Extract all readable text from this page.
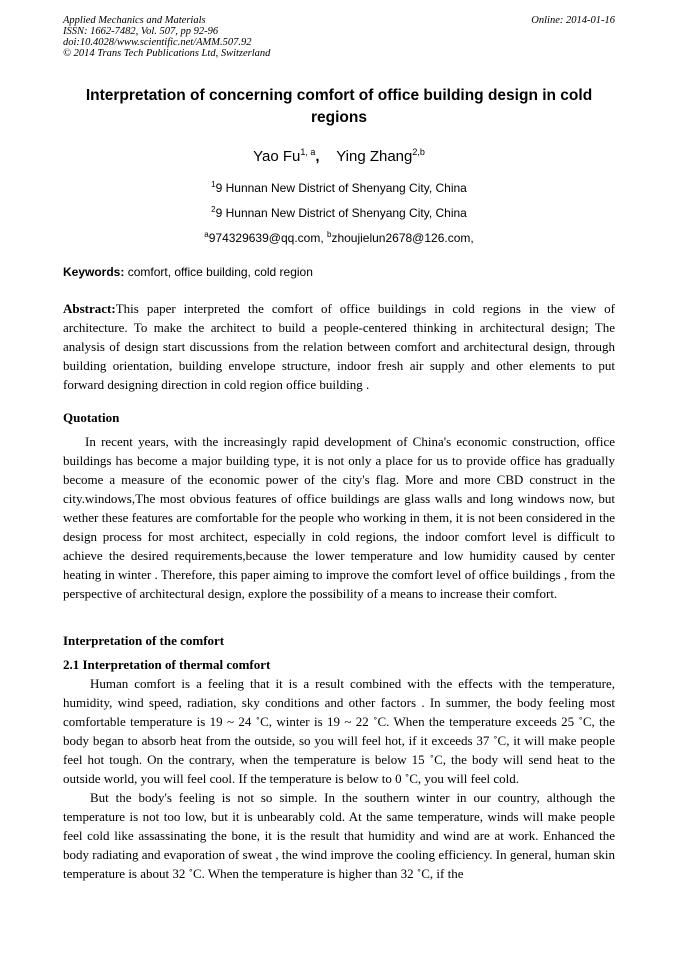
Applied Mechanics and Materials
ISSN: 1662-7482, Vol. 507, pp 92-96
doi:10.4028/www.scientific.net/AMM.507.92
© 2014 Trans Tech Publications Ltd, Switzerland
Online: 2014-01-16
Interpretation of concerning comfort of office building design in cold regions
Yao Fu$^{1, a}$,    Ying Zhang$^{2,b}$
$^1$9 Hunnan New District of Shenyang City, China
$^2$9 Hunnan New District of Shenyang City, China
$^a$974329639@qq.com, $^b$zhoujielun2678@126.com,
Keywords: comfort, office building, cold region

Abstract:This paper interpreted the comfort of office buildings in cold regions in the view of architecture. To make the architect to build a people-centered thinking in architectural design; The analysis of design start discussions from the relation between comfort and architectural design, through building orientation, building envelope structure, indoor fresh air supply and other elements to put forward designing direction in cold region office building .

Quotation

In recent years, with the increasingly rapid development of China's economic construction, office buildings has become a major building type, it is not only a place for us to provide office has gradually become a measure of the economic power of the city's flag. More and more CBD construct in the city.windows,The most obvious features of office buildings are glass walls and long windows now, but wether these features are comfortable for the people who working in them, it is not been considered in the design process for most architect, especially in cold regions, the indoor comfort level is difficult to achieve the desired requirements,because the lower temperature and low humidity caused by center heating in winter . Therefore, this paper aiming to improve the comfort level of office buildings , from the perspective of architectural design, explore the possibility of a means to increase their comfort.

Interpretation of the comfort
2.1 Interpretation of thermal comfort

Human comfort is a feeling that it is a result combined with the effects with the temperature, humidity, wind speed, radiation, sky conditions and other factors . In summer, the body feeling most comfortable temperature is 19 ~ 24 ˚C, winter is 19 ~ 22 ˚C. When the temperature exceeds 25 ˚C, the body began to absorb heat from the outside, so you will feel hot, if it exceeds 37 ˚C, it will make people feel hot tough. On the contrary, when the temperature is below 15 ˚C, the body will send heat to the outside world, you will feel cool. If the temperature is below to 0 ˚C, you will feel cold.

But the body's feeling is not so simple. In the southern winter in our country, although the temperature is not too low, but it is unbearably cold. At the same temperature, winds will make people feel cold like assassinating the bone, it is the result that humidity and wind are at work. Enhanced the body radiating and evaporation of sweat , the wind improve the cooling efficiency. In general, human skin temperature is about 32 ˚C. When the temperature is higher than 32 ˚C, if the
